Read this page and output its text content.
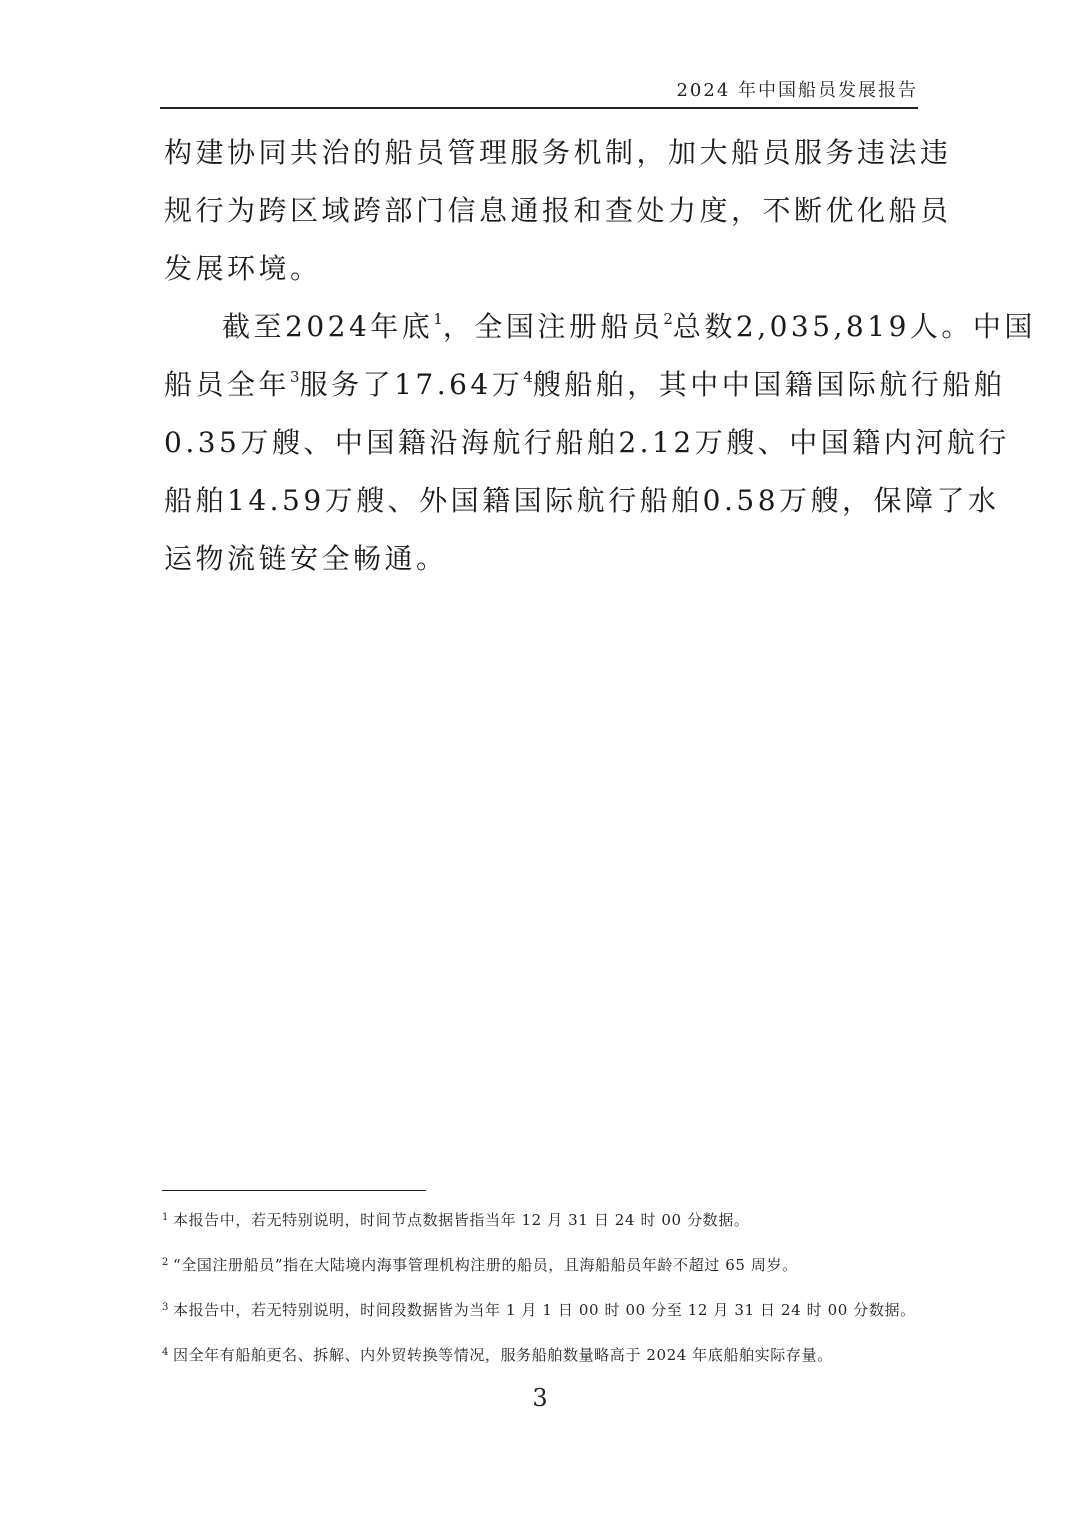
2024 年中国船员发展报告

构建协同共治的船员管理服务机制，加大船员服务违法违
规行为跨区域跨部门信息通报和查处力度，不断优化船员
发展环境。

截至2024年底$^1$，全国注册船员$^2$总数2,035,819人。中国
船员全年$^3$服务了17.64万$^4$艘船舶，其中中国籍国际航行船舶
0.35万艘、中国籍沿海航行船舶2.12万艘、中国籍内河航行
船舶14.59万艘、外国籍国际航行船舶0.58万艘，保障了水
运物流链安全畅通。

$^1$ 本报告中，若无特别说明，时间节点数据皆指当年 12 月 31 日 24 时 00 分数据。

$^2$ “全国注册船员”指在大陆境内海事管理机构注册的船员，且海船船员年龄不超过 65 周岁。

$^3$ 本报告中，若无特别说明，时间段数据皆为当年 1 月 1 日 00 时 00 分至 12 月 31 日 24 时 00 分数据。

$^4$ 因全年有船舶更名、拆解、内外贸转换等情况，服务船舶数量略高于 2024 年底船舶实际存量。

3
